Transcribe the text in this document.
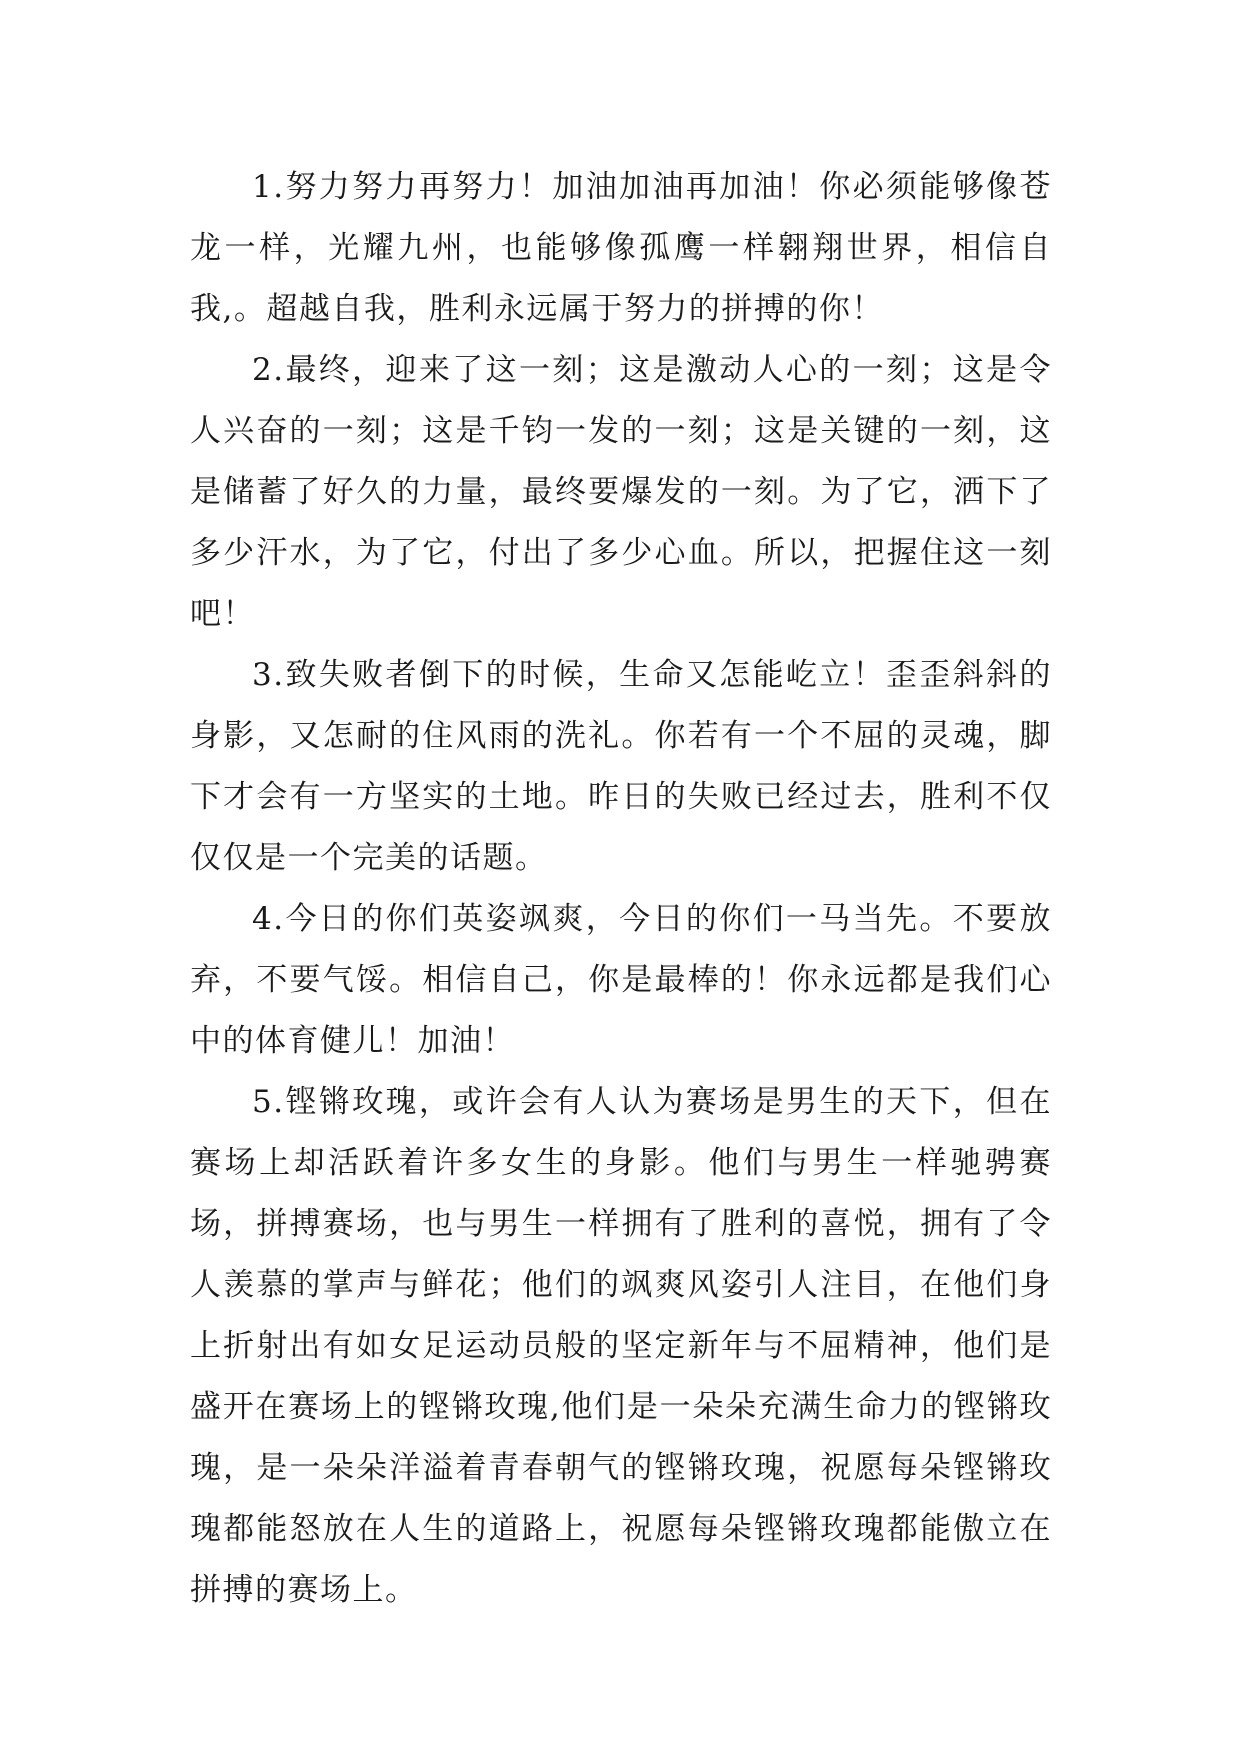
1.努力努力再努力！加油加油再加油！你必须能够像苍龙一样，光耀九州，也能够像孤鹰一样翱翔世界，相信自我,。超越自我，胜利永远属于努力的拼搏的你！

2.最终，迎来了这一刻；这是激动人心的一刻；这是令人兴奋的一刻；这是千钧一发的一刻；这是关键的一刻，这是储蓄了好久的力量，最终要爆发的一刻。为了它，洒下了多少汗水，为了它，付出了多少心血。所以，把握住这一刻吧！

3.致失败者倒下的时候，生命又怎能屹立！歪歪斜斜的身影，又怎耐的住风雨的洗礼。你若有一个不屈的灵魂，脚下才会有一方坚实的土地。昨日的失败已经过去，胜利不仅仅仅是一个完美的话题。

4.今日的你们英姿飒爽，今日的你们一马当先。不要放弃，不要气馁。相信自己，你是最棒的！你永远都是我们心中的体育健儿！加油！

5.铿锵玫瑰，或许会有人认为赛场是男生的天下，但在赛场上却活跃着许多女生的身影。他们与男生一样驰骋赛场，拼搏赛场，也与男生一样拥有了胜利的喜悦，拥有了令人羡慕的掌声与鲜花；他们的飒爽风姿引人注目，在他们身上折射出有如女足运动员般的坚定新年与不屈精神，他们是盛开在赛场上的铿锵玫瑰,他们是一朵朵充满生命力的铿锵玫瑰，是一朵朵洋溢着青春朝气的铿锵玫瑰，祝愿每朵铿锵玫瑰都能怒放在人生的道路上，祝愿每朵铿锵玫瑰都能傲立在拼搏的赛场上。
